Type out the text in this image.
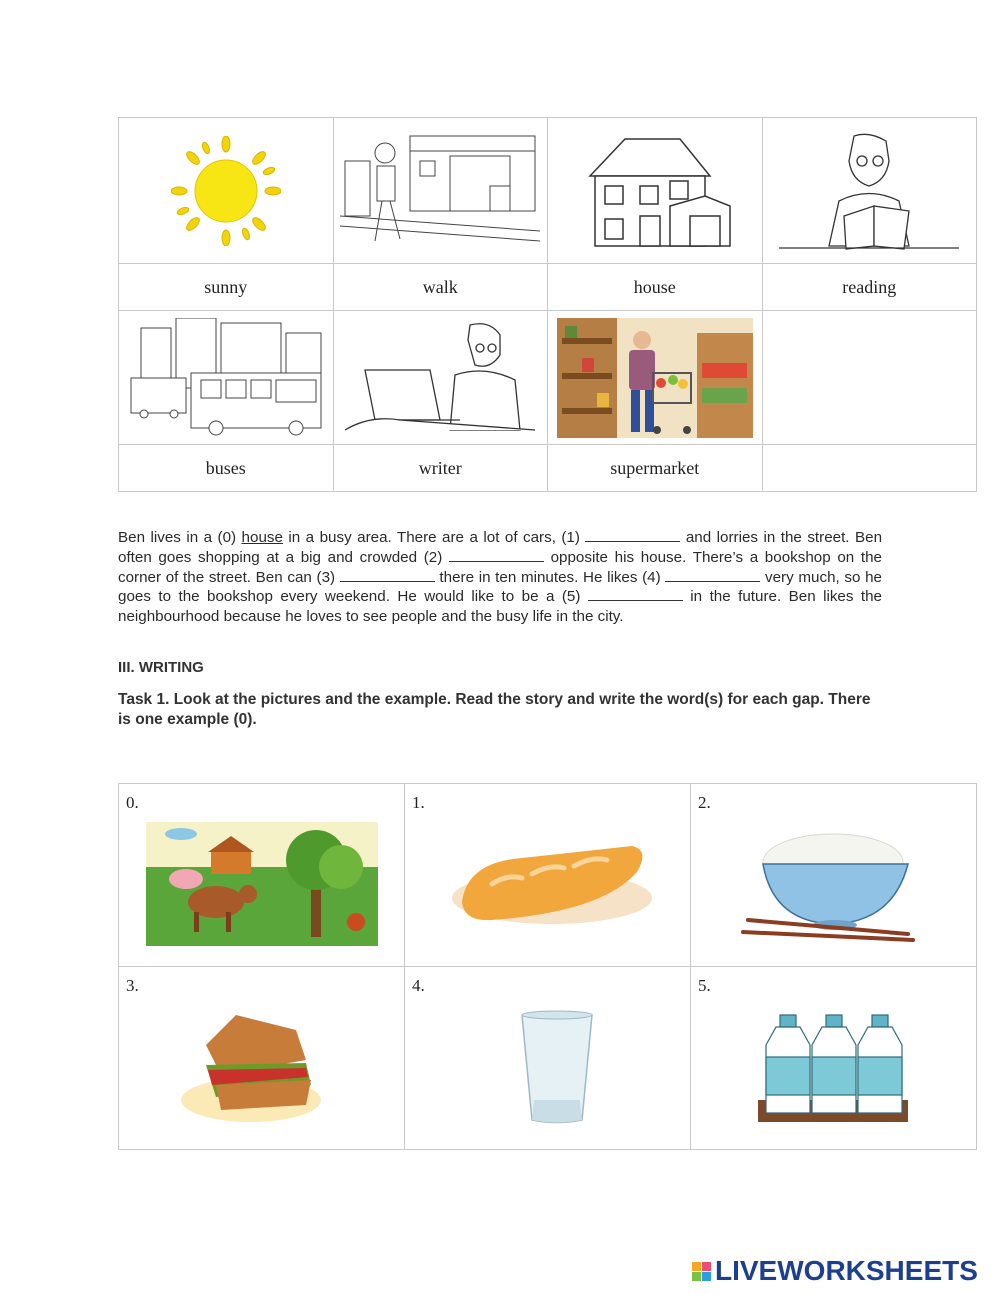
sunny	walk	house	reading

buses	writer	supermarket	
Ben lives in a (0) house in a busy area. There are a lot of cars, (1)	and lorries in the street. Ben often goes shopping at a big and crowded (2)	opposite his house. There’s a bookshop on the corner of the street. Ben can (3)	there in ten minutes. He likes (4)	very much, so he goes to the bookshop every weekend. He would like to be a (5)	in the future. Ben likes the neighbourhood because he loves to see people and the busy life in the city.
III. WRITING
Task 1. Look at the pictures and the example. Read the story and write the word(s) for each gap. There is one example (0).
0.	1.	2.

3.	4.	5.
LIVEWORKSHEETS
